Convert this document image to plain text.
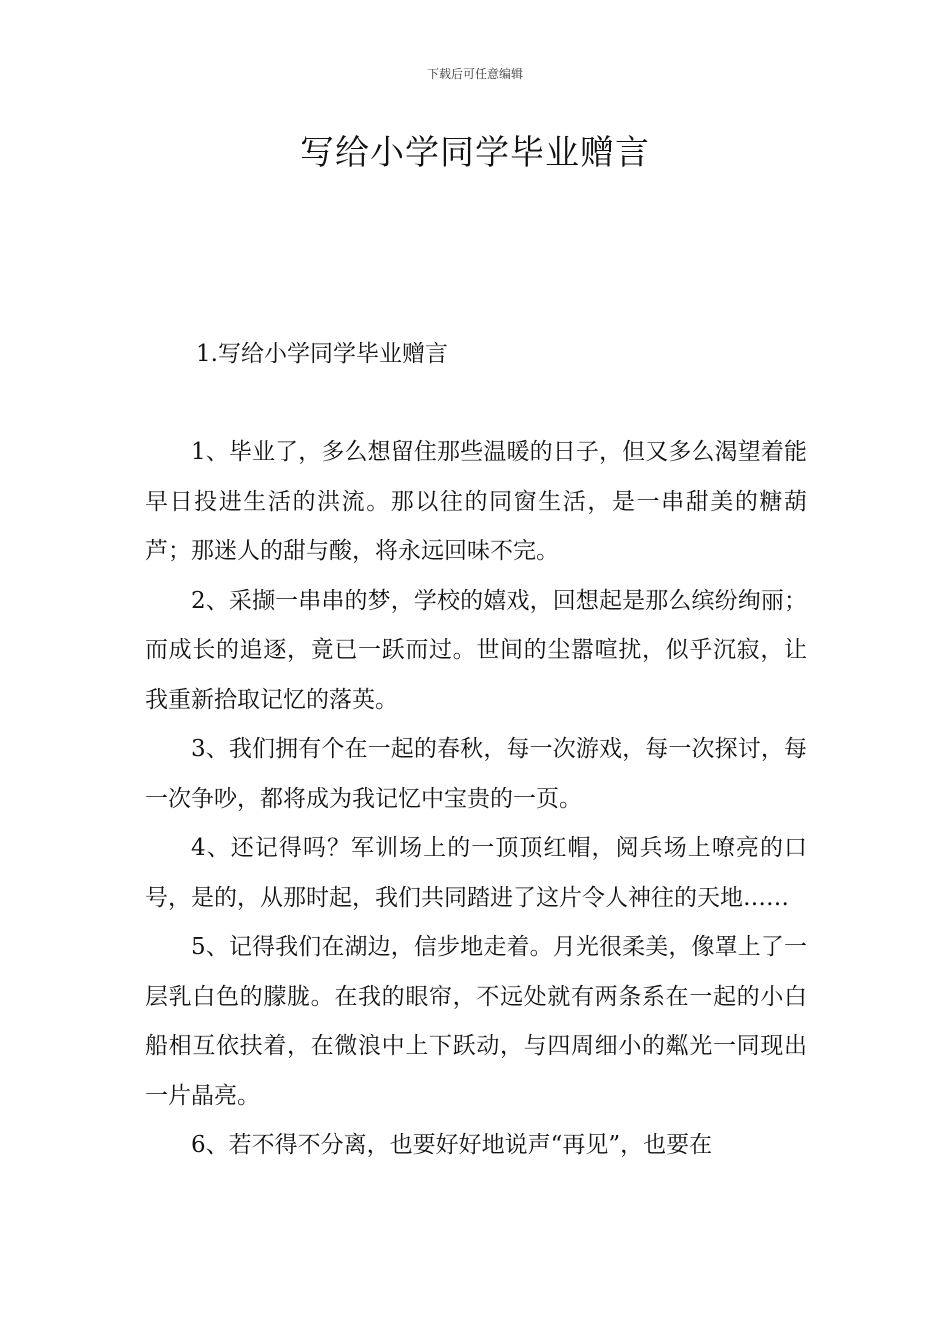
下载后可任意编辑
写给小学同学毕业赠言
1.写给小学同学毕业赠言

1、毕业了，多么想留住那些温暖的日子，但又多么渴望着能早日投进生活的洪流。那以往的同窗生活，是一串甜美的糖葫芦；那迷人的甜与酸，将永远回味不完。

2、采撷一串串的梦，学校的嬉戏，回想起是那么缤纷绚丽；而成长的追逐，竟已一跃而过。世间的尘嚣喧扰，似乎沉寂，让我重新拾取记忆的落英。

3、我们拥有个在一起的春秋，每一次游戏，每一次探讨，每一次争吵，都将成为我记忆中宝贵的一页。

4、还记得吗？军训场上的一顶顶红帽，阅兵场上嘹亮的口号，是的，从那时起，我们共同踏进了这片令人神往的天地……

5、记得我们在湖边，信步地走着。月光很柔美，像罩上了一层乳白色的朦胧。在我的眼帘，不远处就有两条系在一起的小白船相互依扶着，在微浪中上下跃动，与四周细小的粼光一同现出一片晶亮。

6、若不得不分离，也要好好地说声“再见”，也要在
